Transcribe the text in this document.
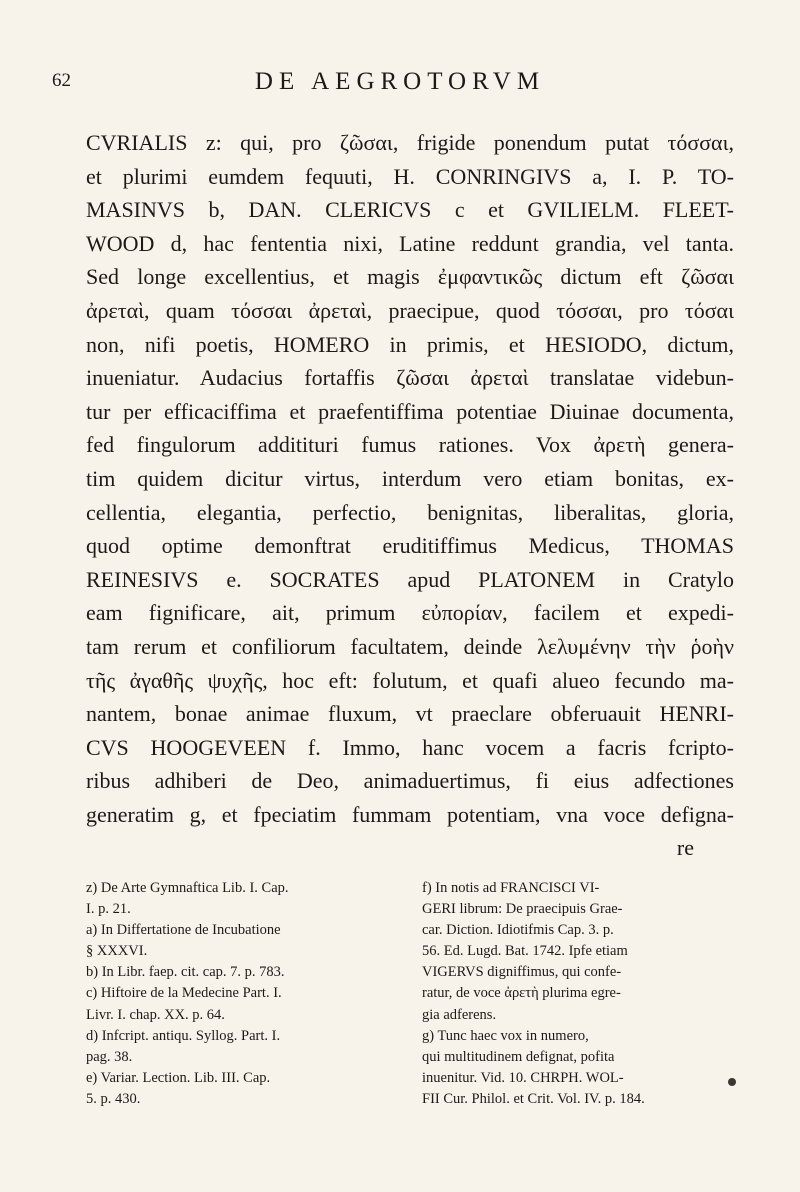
62	DE AEGROTORVM
CVRIALIS z: qui, pro ζῶσαι, frigide ponendum putat τόσσαι,
et plurimi eumdem fequuti, H. CONRINGIVS a, I. P. TO-
MASINVS b, DAN. CLERICVS c et GVILIELM. FLEET-
WOOD d, hac fententia nixi, Latine reddunt grandia, vel tanta.
Sed longe excellentius, et magis ἐμφαντικῶς dictum eft ζῶσαι
ἀρεταὶ, quam τόσσαι ἀρεταὶ, praecipue, quod τόσσαι, pro τόσαι
non, nifi poetis, HOMERO in primis, et HESIODO, dictum,
inueniatur. Audacius fortaffis ζῶσαι ἀρεταὶ translatae videbun-
tur per efficaciffima et praefentiffima potentiae Diuinae documenta,
fed fingulorum additituri fumus rationes. Vox ἀρετὴ genera-
tim quidem dicitur virtus, interdum vero etiam bonitas, ex-
cellentia, elegantia, perfectio, benignitas, liberalitas, gloria,
quod optime demonftrat eruditiffimus Medicus, THOMAS
REINESIVS e. SOCRATES apud PLATONEM in Cratylo
eam fignificare, ait, primum εὐπορίαν, facilem et expedi-
tam rerum et confiliorum facultatem, deinde λελυμένην τὴν ῥοὴν
τῆς ἀγαθῆς ψυχῆς, hoc eft: folutum, et quafi alueo fecundo ma-
nantem, bonae animae fluxum, vt praeclare obferuauit HENRI-
CVS HOOGEVEEN f. Immo, hanc vocem a facris fcripto-
ribus adhiberi de Deo, animaduertimus, fi eius adfectiones
generatim g, et fpeciatim fummam potentiam, vna voce defigna-
re
z) De Arte Gymnaftica Lib. I. Cap.
I. p. 21.
a) In Differtatione de Incubatione
§ XXXVI.
b) In Libr. faep. cit. cap. 7. p. 783.
c) Hiftoire de la Medecine Part. I.
Livr. I. chap. XX. p. 64.
d) Infcript. antiqu. Syllog. Part. I.
pag. 38.
e) Variar. Lection. Lib. III. Cap.
5. p. 430.
f) In notis ad FRANCISCI VI-
GERI librum: De praecipuis Grae-
car. Diction. Idiotifmis Cap. 3. p.
56. Ed. Lugd. Bat. 1742. Ipfe etiam
VIGERVS digniffimus, qui confe-
ratur, de voce ἀρετὴ plurima egre-
gia adferens.
g) Tunc haec vox in numero,
qui multitudinem defignat, pofita
inuenitur. Vid. 10. CHRPH. WOL-
FII Cur. Philol. et Crit. Vol. IV. p. 184.
